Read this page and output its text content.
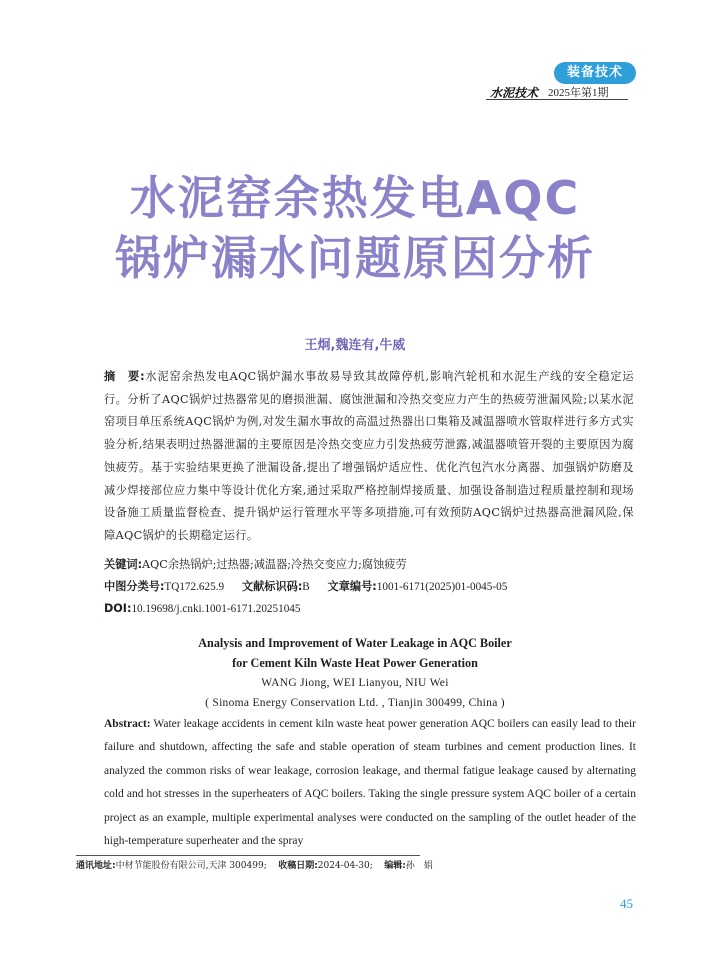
装备技术
水泥技术 2025年第1期
水泥窑余热发电AQC
锅炉漏水问题原因分析
王炯,魏连有,牛威
摘　要:水泥窑余热发电AQC锅炉漏水事故易导致其故障停机,影响汽轮机和水泥生产线的安全稳定运行。分析了AQC锅炉过热器常见的磨损泄漏、腐蚀泄漏和冷热交变应力产生的热疲劳泄漏风险;以某水泥窑项目单压系统AQC锅炉为例,对发生漏水事故的高温过热器出口集箱及减温器喷水管取样进行多方式实验分析,结果表明过热器泄漏的主要原因是冷热交变应力引发热疲劳泄露,减温器喷管开裂的主要原因为腐蚀疲劳。基于实验结果更换了泄漏设备,提出了增强锅炉适应性、优化汽包汽水分离器、加强锅炉防磨及减少焊接部位应力集中等设计优化方案,通过采取严格控制焊接质量、加强设备制造过程质量控制和现场设备施工质量监督检查、提升锅炉运行管理水平等多项措施,可有效预防AQC锅炉过热器高泄漏风险,保障AQC锅炉的长期稳定运行。
关键词:AQC余热锅炉;过热器;减温器;冷热交变应力;腐蚀疲劳
中图分类号:TQ172.625.9 文献标识码:B 文章编号:1001-6171(2025)01-0045-05
DOI:10.19698/j.cnki.1001-6171.20251045
Analysis and Improvement of Water Leakage in AQC Boiler
for Cement Kiln Waste Heat Power Generation
WANG Jiong, WEI Lianyou, NIU Wei
( Sinoma Energy Conservation Ltd. , Tianjin 300499, China )
Abstract: Water leakage accidents in cement kiln waste heat power generation AQC boilers can easily lead to their failure and shutdown, affecting the safe and stable operation of steam turbines and cement production lines. It analyzed the common risks of wear leakage, corrosion leakage, and thermal fatigue leakage caused by alternating cold and hot stresses in the superheaters of AQC boilers. Taking the single pressure system AQC boiler of a certain project as an example, multiple experimental analyses were conducted on the sampling of the outlet header of the high-temperature superheater and the spray
通讯地址:中材节能股份有限公司,天津 300499; 收稿日期:2024-04-30; 编辑:孙　娟
45
